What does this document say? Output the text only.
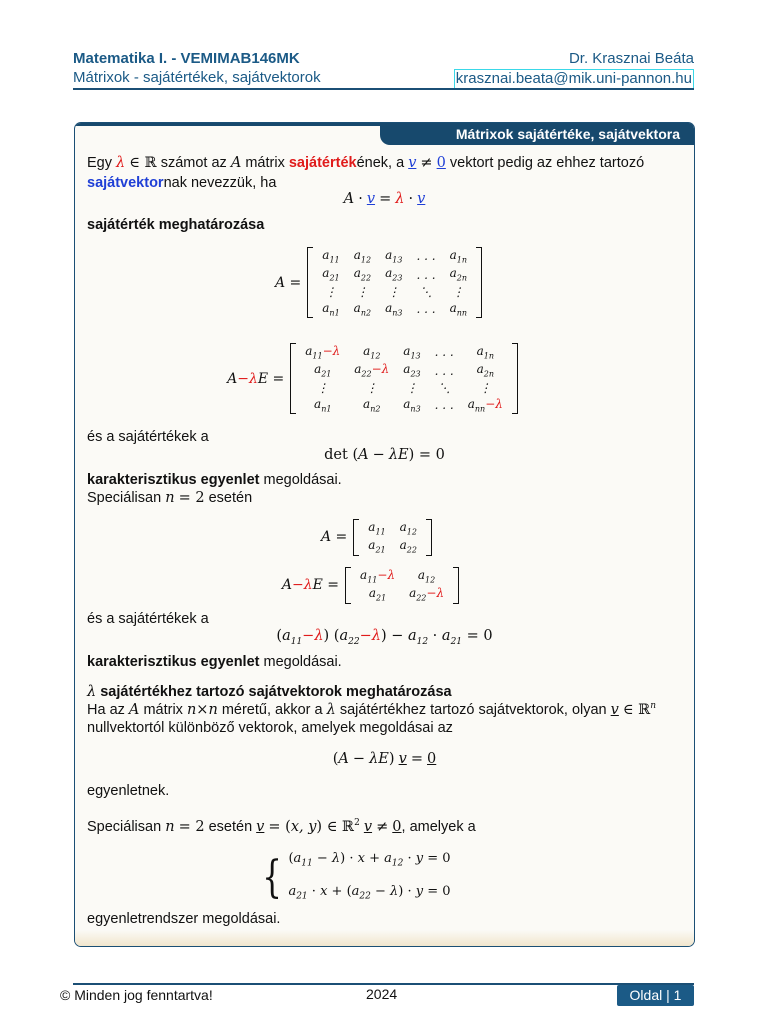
Matematika I. - VEMIMAB146MK
Mátrixok - sajátértékek, sajátvektorok
Dr. Krasznai Beáta
krasznai.beata@mik.uni-pannon.hu
Mátrixok sajátértéke, sajátvektora
Egy λ ∈ ℝ számot az A mátrix sajátértékének, a v ≠ 0 vektort pedig az ehhez tartozó
sajátvektornak nevezzük, ha
A · v = λ · v
sajátérték meghatározása
A =
$a_{11}$	$a_{12}$	$a_{13}$	. . .	$a_{1n}$
$a_{21}$	$a_{22}$	$a_{23}$	. . .	$a_{2n}$
⋮	⋮	⋮	⋱	⋮
$a_{n1}$	$a_{n2}$	$a_{n3}$	. . .	$a_{nn}$
A−λE =
$a_{11}-\lambda$	$a_{12}$	$a_{13}$	. . .	$a_{1n}$
$a_{21}$	$a_{22}-\lambda$	$a_{23}$	. . .	$a_{2n}$
⋮	⋮	⋮	⋱	⋮
$a_{n1}$	$a_{n2}$	$a_{n3}$	. . .	$a_{nn}-\lambda$
és a sajátértékek a
det (A − λE) = 0
karakterisztikus egyenlet megoldásai.
Speciálisan n = 2 esetén
A =
$a_{11}$	$a_{12}$
$a_{21}$	$a_{22}$
A−λE =
$a_{11}-\lambda$	$a_{12}$
$a_{21}$	$a_{22}-\lambda$
és a sajátértékek a
$(a_{11}-\lambda) (a_{22}-\lambda) - a_{12} \cdot a_{21} = 0$
karakterisztikus egyenlet megoldásai.
λ sajátértékhez tartozó sajátvektorok meghatározása
Ha az A mátrix n×n méretű, akkor a λ sajátértékhez tartozó sajátvektorok, olyan v ∈ ℝ$^n$
nullvektortól különböző vektorok, amelyek megoldásai az
(A − λE) v = 0
egyenletnek.
Speciálisan n = 2 esetén v = (x, y) ∈ ℝ$^2$ v ≠ 0, amelyek a
{ $(a_{11} - \lambda) \cdot x + a_{12} \cdot y = 0$
$a_{21} \cdot x + (a_{22} - \lambda) \cdot y = 0$
egyenletrendszer megoldásai.
© Minden jog fenntartva!	2024	Oldal | 1
